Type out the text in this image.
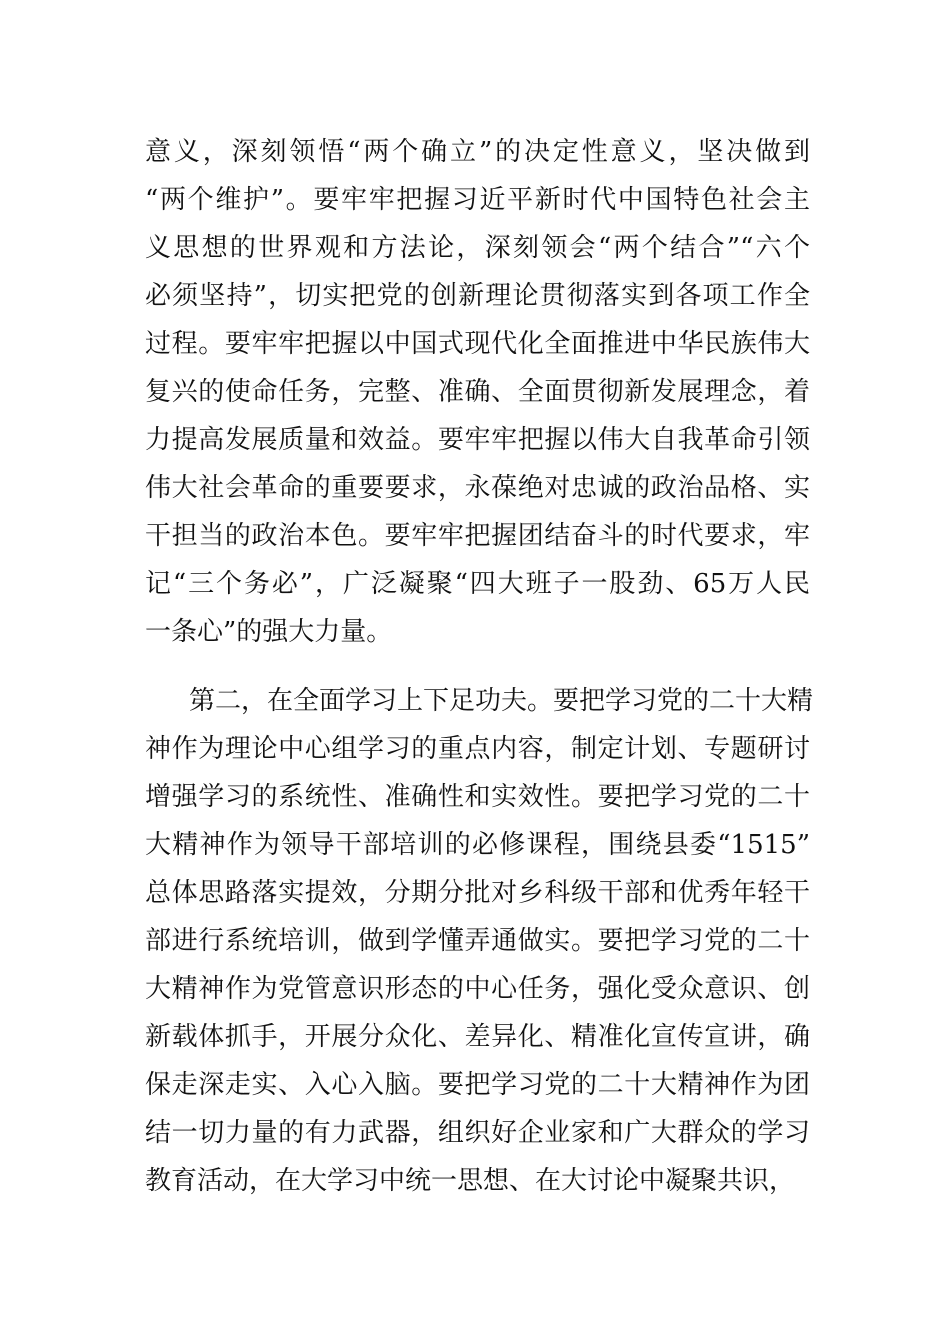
意义，深刻领悟“两个确立”的决定性意义，坚决做到
“两个维护”。要牢牢把握习近平新时代中国特色社会主
义思想的世界观和方法论，深刻领会“两个结合”“六个
必须坚持”，切实把党的创新理论贯彻落实到各项工作全
过程。要牢牢把握以中国式现代化全面推进中华民族伟大
复兴的使命任务，完整、准确、全面贯彻新发展理念，着
力提高发展质量和效益。要牢牢把握以伟大自我革命引领
伟大社会革命的重要要求，永葆绝对忠诚的政治品格、实
干担当的政治本色。要牢牢把握团结奋斗的时代要求，牢
记“三个务必”，广泛凝聚“四大班子一股劲、65万人民
一条心”的强大力量。
第二，在全面学习上下足功夫。要把学习党的二十大精
神作为理论中心组学习的重点内容，制定计划、专题研讨
增强学习的系统性、准确性和实效性。要把学习党的二十
大精神作为领导干部培训的必修课程，围绕县委“1515”
总体思路落实提效，分期分批对乡科级干部和优秀年轻干
部进行系统培训，做到学懂弄通做实。要把学习党的二十
大精神作为党管意识形态的中心任务，强化受众意识、创
新载体抓手，开展分众化、差异化、精准化宣传宣讲，确
保走深走实、入心入脑。要把学习党的二十大精神作为团
结一切力量的有力武器，组织好企业家和广大群众的学习
教育活动，在大学习中统一思想、在大讨论中凝聚共识，
